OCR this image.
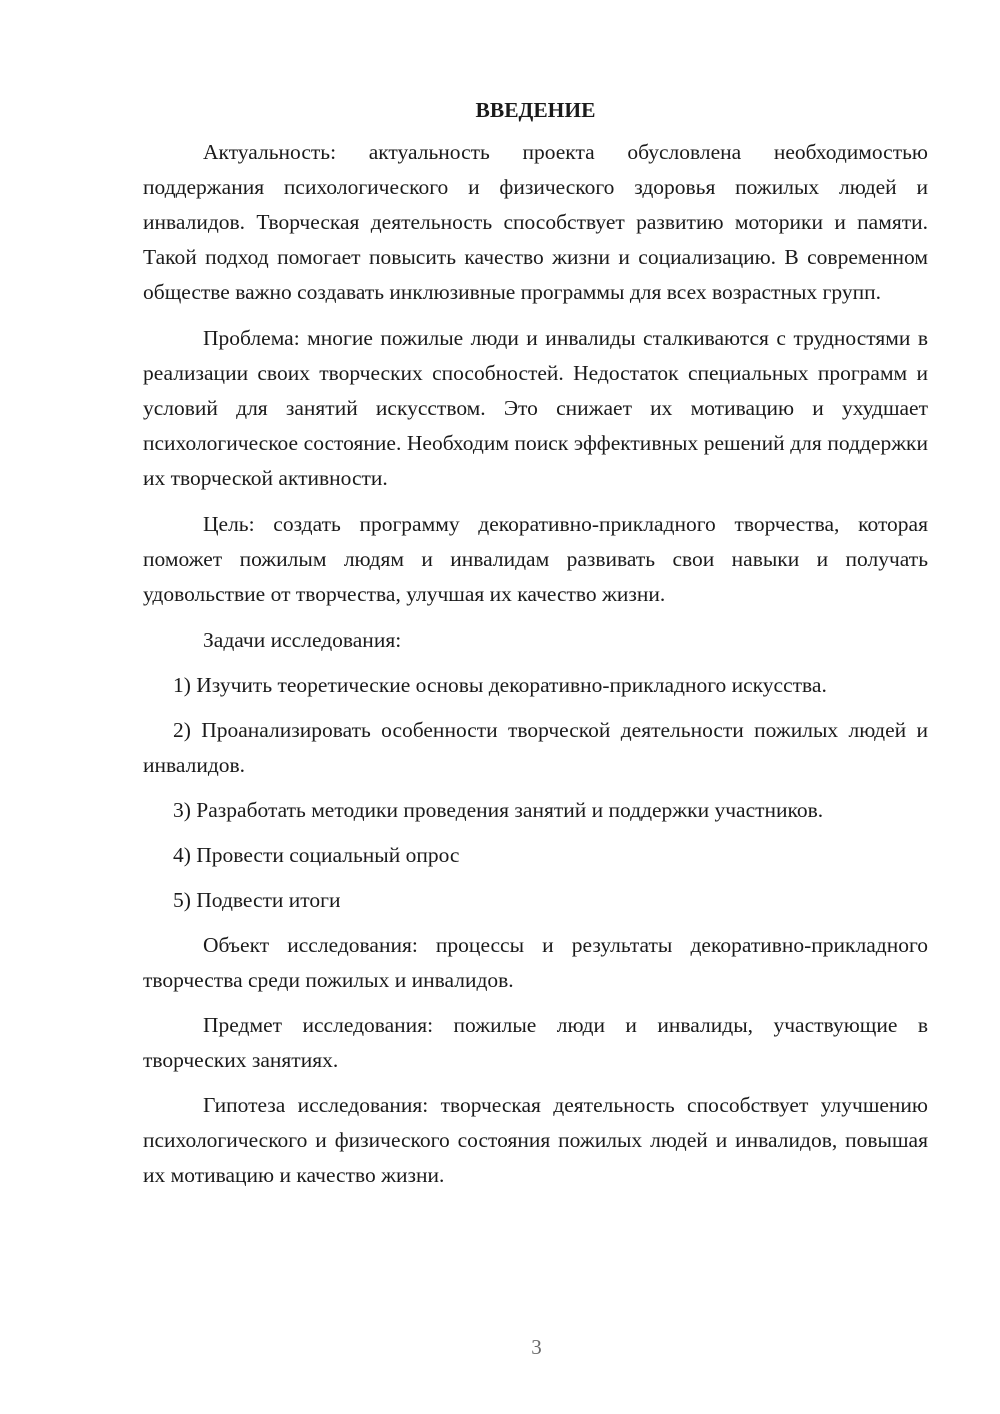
ВВЕДЕНИЕ

Актуальность: актуальность проекта обусловлена необходимостью поддержания психологического и физического здоровья пожилых людей и инвалидов. Творческая деятельность способствует развитию моторики и памяти. Такой подход помогает повысить качество жизни и социализацию. В современном обществе важно создавать инклюзивные программы для всех возрастных групп.

Проблема: многие пожилые люди и инвалиды сталкиваются с трудностями в реализации своих творческих способностей. Недостаток специальных программ и условий для занятий искусством. Это снижает их мотивацию и ухудшает психологическое состояние. Необходим поиск эффективных решений для поддержки их творческой активности.

Цель: создать программу декоративно-прикладного творчества, которая поможет пожилым людям и инвалидам развивать свои навыки и получать удовольствие от творчества, улучшая их качество жизни.

Задачи исследования:

1) Изучить теоретические основы декоративно-прикладного искусства.

2) Проанализировать особенности творческой деятельности пожилых людей и инвалидов.

3) Разработать методики проведения занятий и поддержки участников.

4) Провести социальный опрос

5) Подвести итоги

Объект исследования: процессы и результаты декоративно-прикладного творчества среди пожилых и инвалидов.

Предмет исследования: пожилые люди и инвалиды, участвующие в творческих занятиях.

Гипотеза исследования: творческая деятельность способствует улучшению психологического и физического состояния пожилых людей и инвалидов, повышая их мотивацию и качество жизни.

3
